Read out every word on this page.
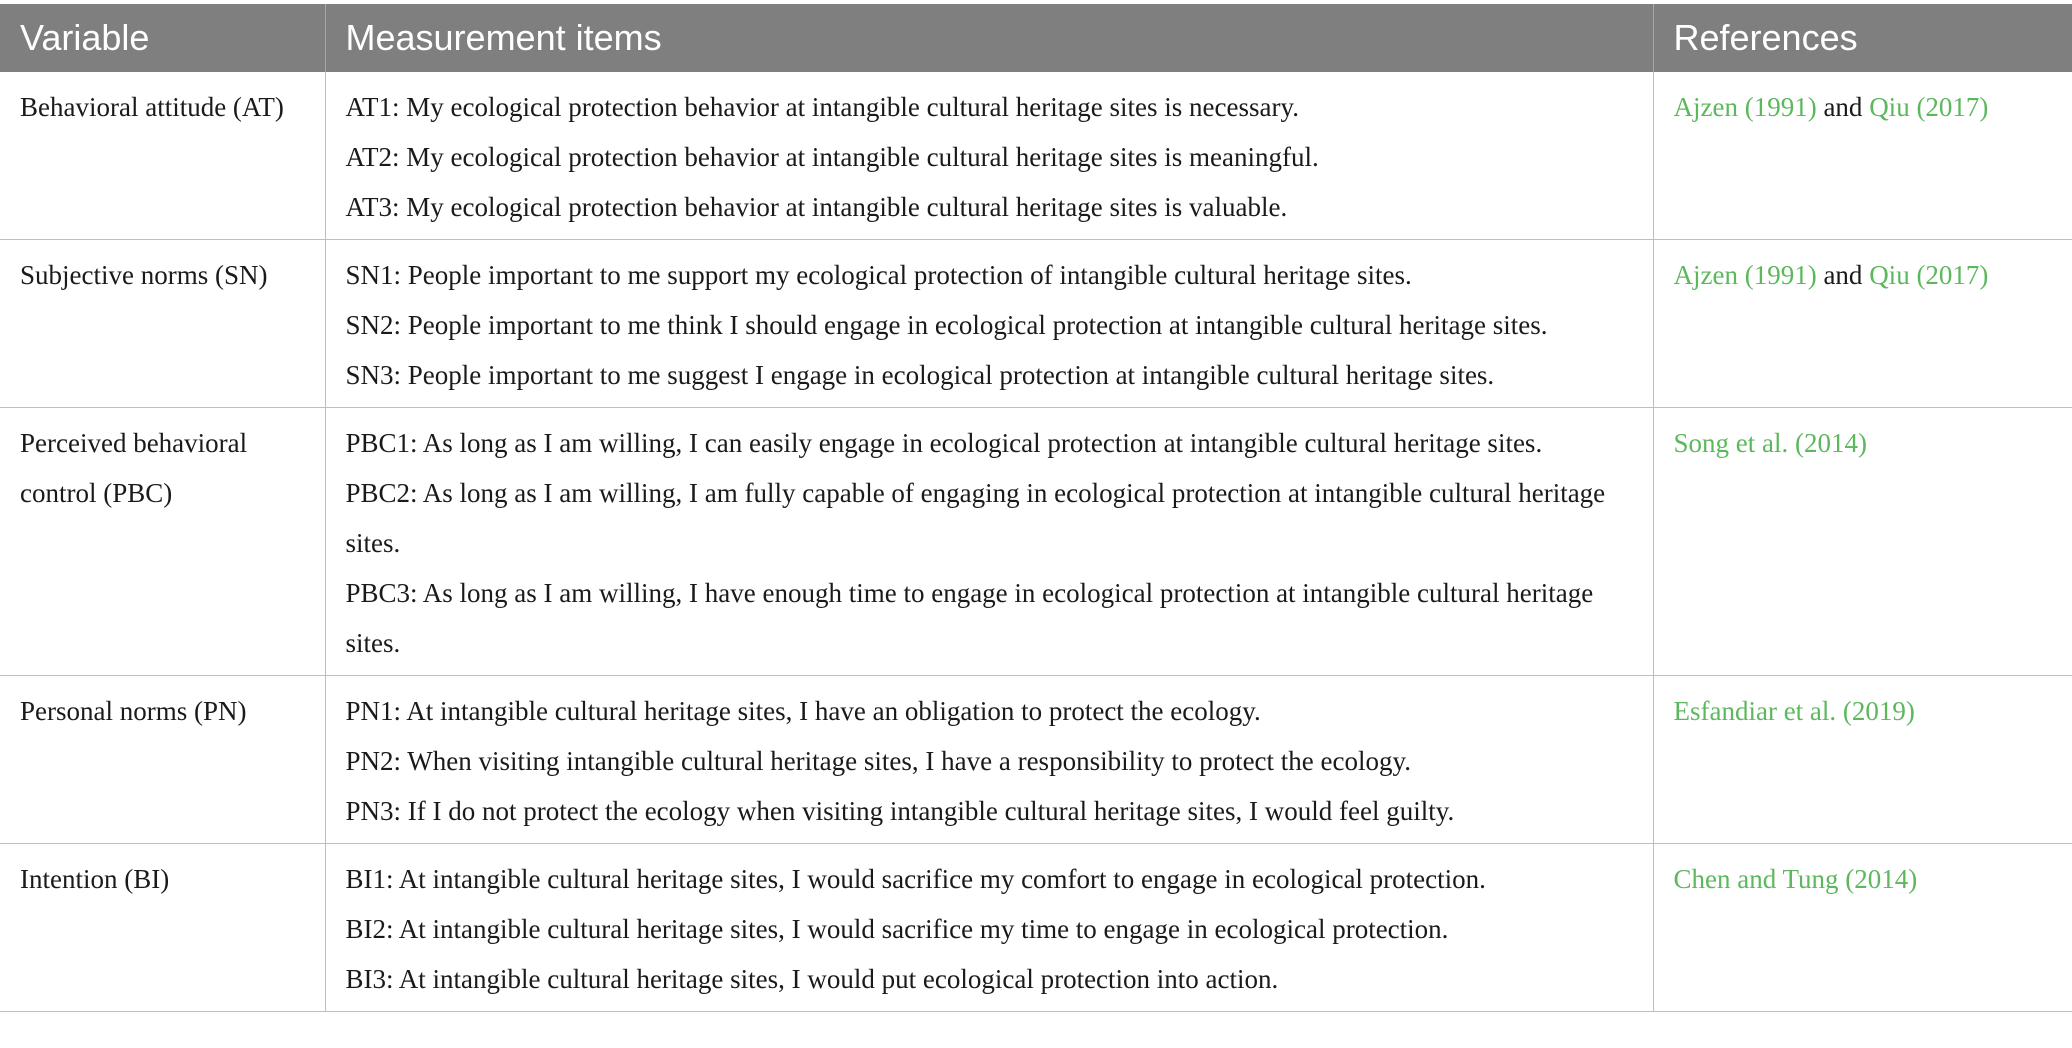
Variable	Measurement items	References
Behavioral attitude (AT)	AT1: My ecological protection behavior at intangible cultural heritage sites is necessary.
AT2: My ecological protection behavior at intangible cultural heritage sites is meaningful.
AT3: My ecological protection behavior at intangible cultural heritage sites is valuable.	Ajzen (1991) and Qiu (2017)
Subjective norms (SN)	SN1: People important to me support my ecological protection of intangible cultural heritage sites.
SN2: People important to me think I should engage in ecological protection at intangible cultural heritage sites.
SN3: People important to me suggest I engage in ecological protection at intangible cultural heritage sites.	Ajzen (1991) and Qiu (2017)
Perceived behavioral control (PBC)	PBC1: As long as I am willing, I can easily engage in ecological protection at intangible cultural heritage sites.
PBC2: As long as I am willing, I am fully capable of engaging in ecological protection at intangible cultural heritage sites.
PBC3: As long as I am willing, I have enough time to engage in ecological protection at intangible cultural heritage sites.	Song et al. (2014)
Personal norms (PN)	PN1: At intangible cultural heritage sites, I have an obligation to protect the ecology.
PN2: When visiting intangible cultural heritage sites, I have a responsibility to protect the ecology.
PN3: If I do not protect the ecology when visiting intangible cultural heritage sites, I would feel guilty.	Esfandiar et al. (2019)
Intention (BI)	BI1: At intangible cultural heritage sites, I would sacrifice my comfort to engage in ecological protection.
BI2: At intangible cultural heritage sites, I would sacrifice my time to engage in ecological protection.
BI3: At intangible cultural heritage sites, I would put ecological protection into action.	Chen and Tung (2014)
